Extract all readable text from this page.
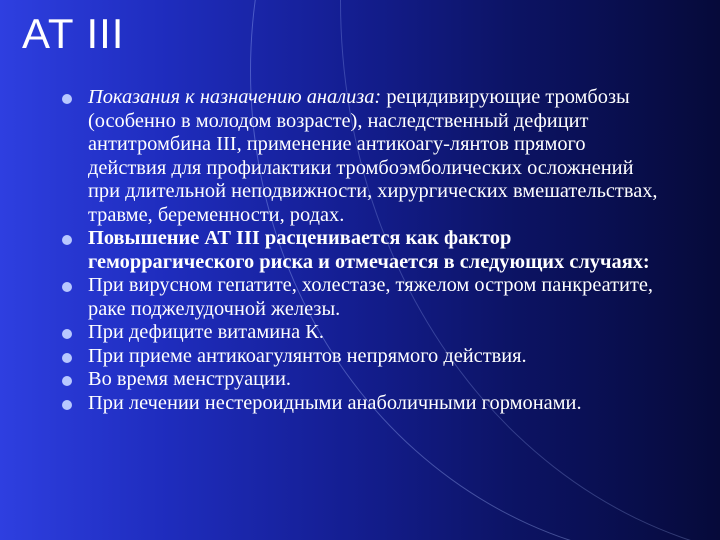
AT III
Показания к назначению анализа: рецидивирующие тромбозы (особенно в молодом возрасте), наследственный дефицит антитромбина III, применение антикоагу-лянтов прямого действия для профилактики тромбоэмболических осложнений при длительной неподвижности, хирургических вмешательствах, травме, беременности, родах.
Повышение АТ III расценивается как фактор геморрагического риска и отмечается в следующих случаях:
При вирусном гепатите, холестазе, тяжелом остром панкреатите, раке поджелудочной железы.
При дефиците витамина К.
При приеме антикоагулянтов непрямого действия.
Во время менструации.
При лечении нестероидными анаболичными гормонами.
